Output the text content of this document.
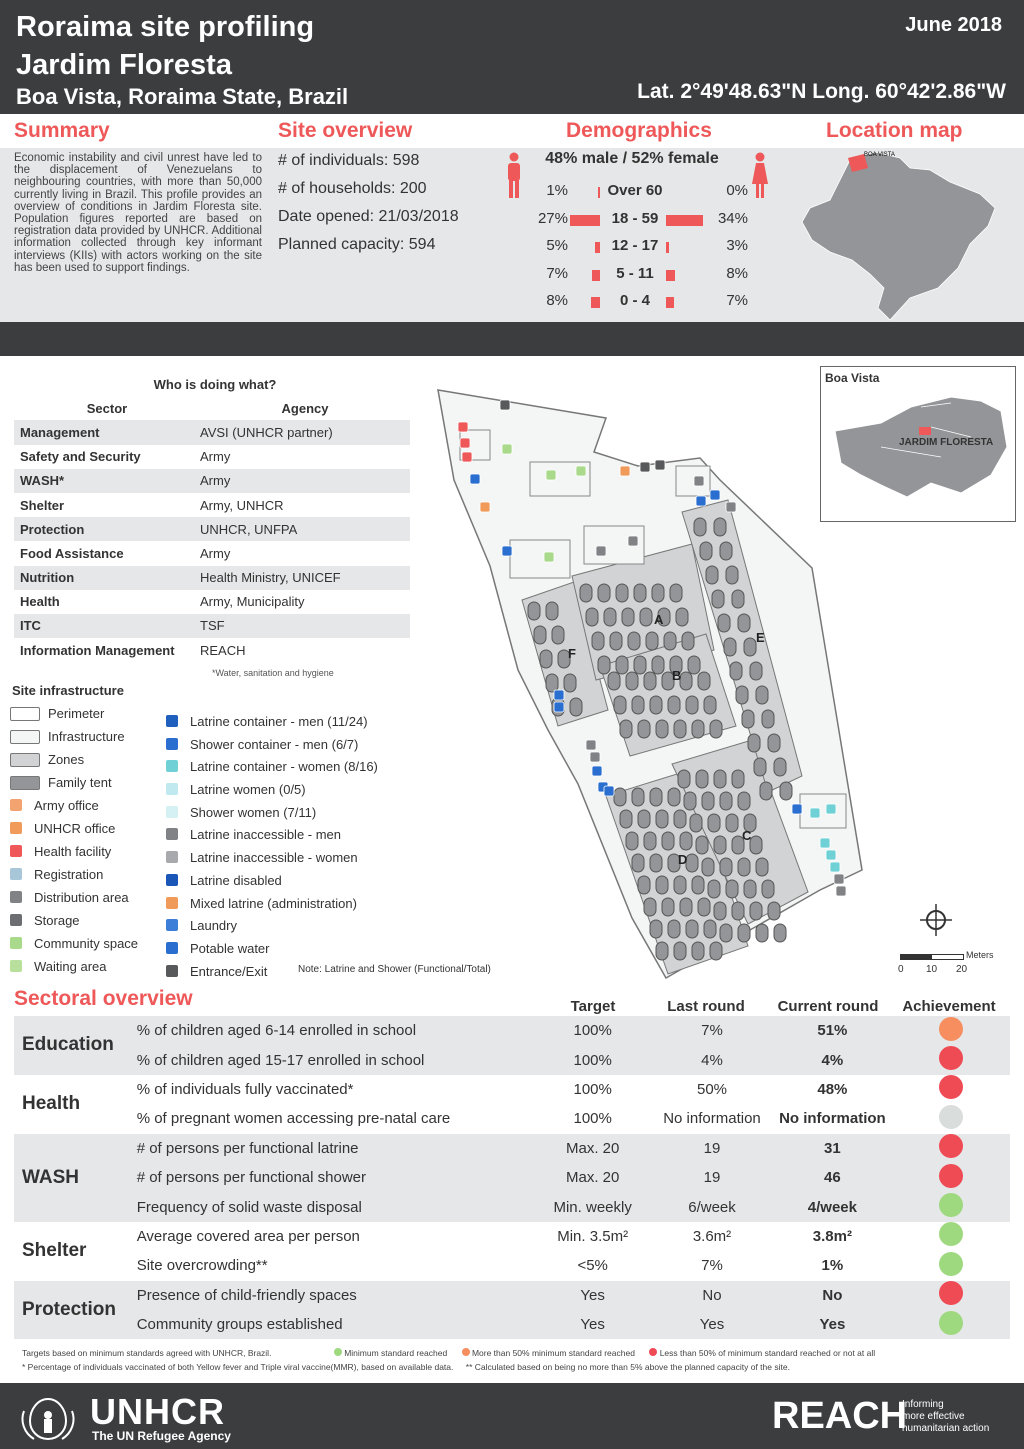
Roraima site profiling
Jardim Floresta
Boa Vista, Roraima State, Brazil
June 2018
Lat. 2°49'48.63"N Long. 60°42'2.86"W
Summary	Site overview	Demographics	Location map
Economic instability and civil unrest have led to the displacement of Venezuelans to neighbouring countries, with more than 50,000 currently living in Brazil. This profile provides an overview of conditions in Jardim Floresta site. Population figures reported are based on registration data provided by UNHCR. Additional information collected through key informant interviews (KIIs) with actors working on the site has been used to support findings.
# of individuals: 598
# of households: 200
Date opened: 21/03/2018
Planned capacity: 594
48% male / 52% female
1%	Over 60	0%
27%	18 - 59	34%
5%	12 - 17	3%
7%	5 - 11	8%
8%	0 - 4	7%
BOA VISTA
Who is doing what?	
Sector	Agency
Management	AVSI (UNHCR partner)
Safety and Security	Army
WASH*	Army
Shelter	Army, UNHCR
Protection	UNHCR, UNFPA
Food Assistance	Army
Nutrition	Health Ministry, UNICEF
Health	Army, Municipality
ITC	TSF
Information Management	REACH
*Water, sanitation and hygiene
A
B
C
D
E
F
Boa Vista
JARDIM FLORESTA
Meters
0 10 20
Site infrastructure
Perimeter
Infrastructure
Zones
Family tent
Army office
UNHCR office
Health facility
Registration
Distribution area
Storage
Community space
Waiting area
Latrine container - men (11/24)
Shower container - men (6/7)
Latrine container - women (8/16)
Latrine women (0/5)
Shower women (7/11)
Latrine inaccessible - men
Latrine inaccessible - women
Latrine disabled
Mixed latrine (administration)
Laundry
Potable water
Entrance/Exit	Note: Latrine and Shower (Functional/Total)
Sectoral overview	Target	Last round	Current round Achievement
Education	% of children aged 6-14 enrolled in school	100%	7%	51%	
	% of children aged 15-17 enrolled in school	100%	4%	4%	
Health	% of individuals fully vaccinated*	100%	50%	48%	
	% of pregnant women accessing pre-natal care	100%	No information	No information	
WASH	# of persons per functional latrine	Max. 20	19	31	
	# of persons per functional shower	Max. 20	19	46	
	Frequency of solid waste disposal	Min. weekly	6/week	4/week	
Shelter	Average covered area per person	Min. 3.5m²	3.6m²	3.8m²	
	Site overcrowding**	<5%	7%	1%	
Protection	Presence of child-friendly spaces	Yes	No	No	
	Community groups established	Yes	Yes	Yes	
Targets based on minimum standards agreed with UNHCR, Brazil.	Minimum standard reached	More than 50% minimum standard reached	Less than 50% of minimum standard reached or not at all
* Percentage of individuals vaccinated of both Yellow fever and Triple viral vaccine(MMR), based on available data. ** Calculated based on being no more than 5% above the planned capacity of the site.
UNHCR
The UN Refugee Agency	REACH
Informing
more effective
humanitarian action
